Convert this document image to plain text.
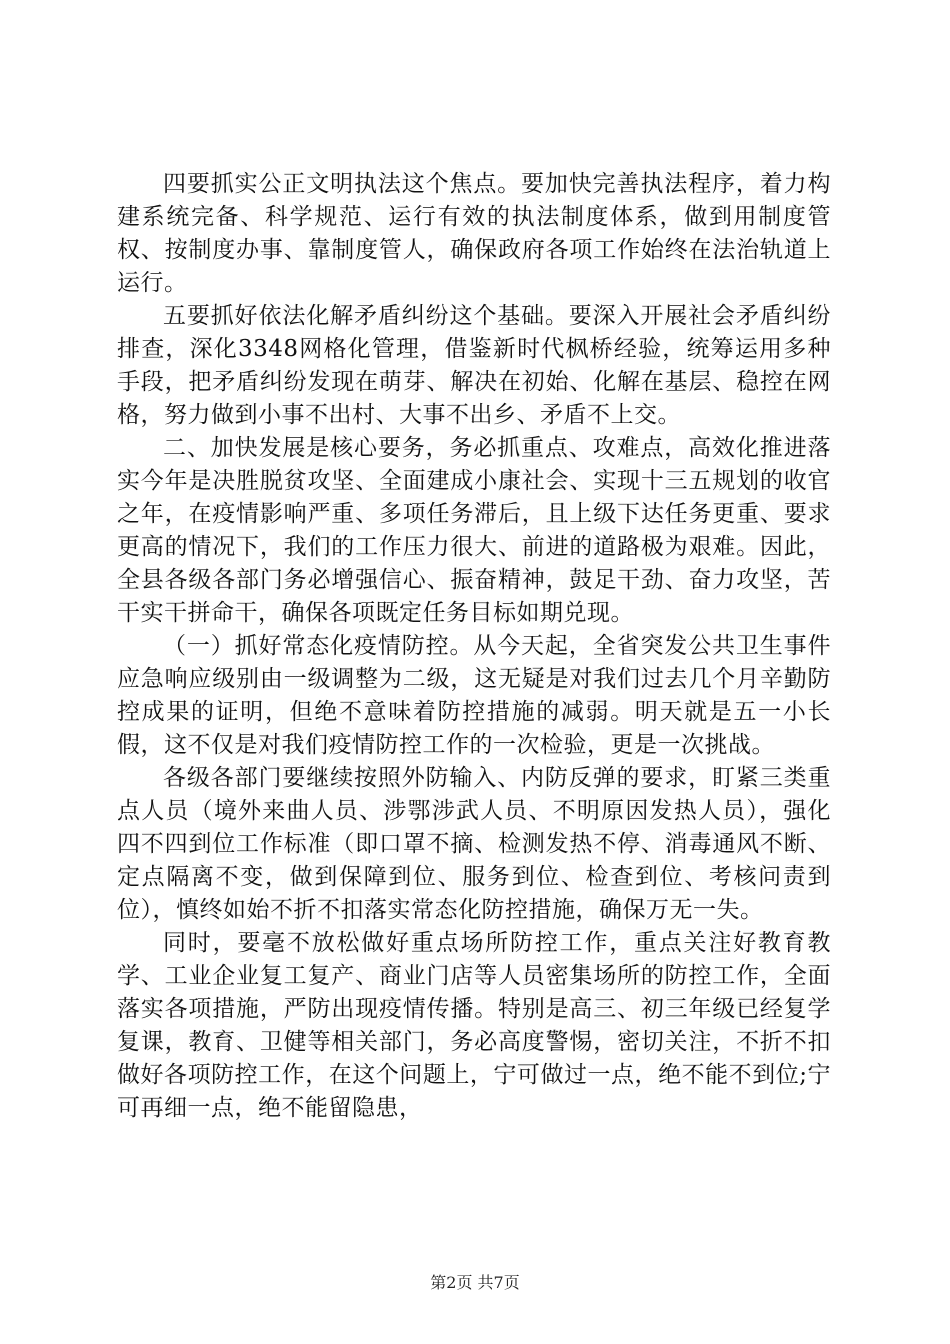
四要抓实公正文明执法这个焦点。要加快完善执法程序，着力构建系统完备、科学规范、运行有效的执法制度体系，做到用制度管权、按制度办事、靠制度管人，确保政府各项工作始终在法治轨道上运行。

五要抓好依法化解矛盾纠纷这个基础。要深入开展社会矛盾纠纷排查，深化3348网格化管理，借鉴新时代枫桥经验，统筹运用多种手段，把矛盾纠纷发现在萌芽、解决在初始、化解在基层、稳控在网格，努力做到小事不出村、大事不出乡、矛盾不上交。

二、加快发展是核心要务，务必抓重点、攻难点，高效化推进落实今年是决胜脱贫攻坚、全面建成小康社会、实现十三五规划的收官之年，在疫情影响严重、多项任务滞后，且上级下达任务更重、要求更高的情况下，我们的工作压力很大、前进的道路极为艰难。因此，全县各级各部门务必增强信心、振奋精神，鼓足干劲、奋力攻坚，苦干实干拼命干，确保各项既定任务目标如期兑现。

（一）抓好常态化疫情防控。从今天起，全省突发公共卫生事件应急响应级别由一级调整为二级，这无疑是对我们过去几个月辛勤防控成果的证明，但绝不意味着防控措施的减弱。明天就是五一小长假，这不仅是对我们疫情防控工作的一次检验，更是一次挑战。

各级各部门要继续按照外防输入、内防反弹的要求，盯紧三类重点人员（境外来曲人员、涉鄂涉武人员、不明原因发热人员），强化四不四到位工作标准（即口罩不摘、检测发热不停、消毒通风不断、定点隔离不变，做到保障到位、服务到位、检查到位、考核问责到位），慎终如始不折不扣落实常态化防控措施，确保万无一失。

同时，要毫不放松做好重点场所防控工作，重点关注好教育教学、工业企业复工复产、商业门店等人员密集场所的防控工作，全面落实各项措施，严防出现疫情传播。特别是高三、初三年级已经复学复课，教育、卫健等相关部门，务必高度警惕，密切关注，不折不扣做好各项防控工作，在这个问题上，宁可做过一点，绝不能不到位;宁可再细一点，绝不能留隐患，

第2页 共7页
